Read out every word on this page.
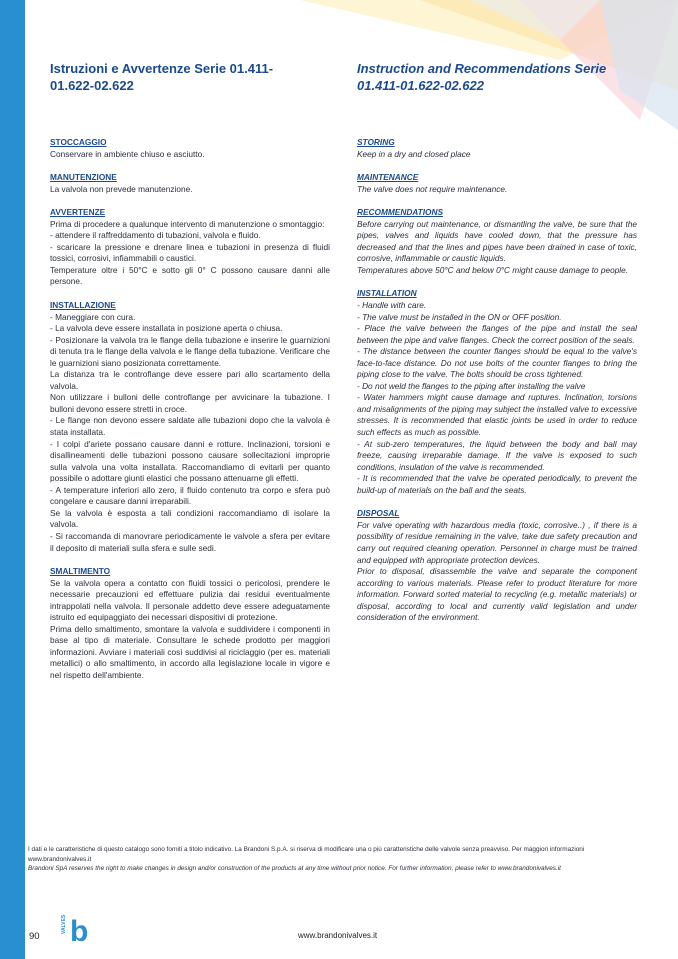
Istruzioni e Avvertenze Serie 01.411-01.622-02.622
Instruction and Recommendations Serie 01.411-01.622-02.622
STOCCAGGIO

Conservare in ambiente chiuso e asciutto.

MANUTENZIONE

La valvola non prevede manutenzione.

AVVERTENZE

Prima di procedere a qualunque intervento di manutenzione o smontaggio:

- attendere il raffreddamento di tubazioni, valvola e fluido.

- scaricare la pressione e drenare linea e tubazioni in presenza di fluidi tossici, corrosivi, infiammabili o caustici.

Temperature oltre i 50°C e sotto gli 0° C possono causare danni alle persone.

INSTALLAZIONE

- Maneggiare con cura.

- La valvola deve essere installata in posizione aperta o chiusa.

- Posizionare la valvola tra le flange della tubazione e inserire le guarnizioni di tenuta tra le flange della valvola e le flange della tubazione. Verificare che le guarnizioni siano posizionata correttamente.

La distanza tra le controflange deve essere pari allo scartamento della valvola.

Non utilizzare i bulloni delle controflange per avvicinare la tubazione. I bulloni devono essere stretti in croce.

- Le flange non devono essere saldate alle tubazioni dopo che la valvola è stata installata.

- I colpi d'ariete possano causare danni e rotture. Inclinazioni, torsioni e disallineamenti delle tubazioni possono causare sollecitazioni improprie sulla valvola una volta installata. Raccomandiamo di evitarli per quanto possibile o adottare giunti elastici che possano attenuarne gli effetti.

- A temperature inferiori allo zero, il fluido contenuto tra corpo e sfera può congelare e causare danni irreparabili.

Se la valvola è esposta a tali condizioni raccomandiamo di isolare la valvola.

- Si raccomanda di manovrare periodicamente le valvole a sfera per evitare il deposito di materiali sulla sfera e sulle sedi.

SMALTIMENTO

Se la valvola opera a contatto con fluidi tossici o pericolosi, prendere le necessarie precauzioni ed effettuare pulizia dai residui eventualmente intrappolati nella valvola. Il personale addetto deve essere adeguatamente istruito ed equipaggiato dei necessari dispositivi di protezione.

Prima dello smaltimento, smontare la valvola e suddividere i componenti in base al tipo di materiale. Consultare le schede prodotto per maggiori informazioni. Avviare i materiali così suddivisi al riciclaggio (per es. materiali metallici) o allo smaltimento, in accordo alla legislazione locale in vigore e nel rispetto dell'ambiente.

STORING

Keep in a dry and closed place

MAINTENANCE

The valve does not require maintenance.

RECOMMENDATIONS

Before carrying out maintenance, or dismantling the valve, be sure that the pipes, valves and liquids have cooled down, that the pressure has decreased and that the lines and pipes have been drained in case of toxic, corrosive, inflammable or caustic liquids.

Temperatures above 50°C and below 0°C might cause damage to people.

INSTALLATION

- Handle with care.

- The valve must be installed in the ON or OFF position.

- Place the valve between the flanges of the pipe and install the seal between the pipe and valve flanges. Check the correct position of the seals.

- The distance between the counter flanges should be equal to the valve's face-to-face distance. Do not use bolts of the counter flanges to bring the piping close to the valve. The bolts should be cross tightened.

- Do not weld the flanges to the piping after installing the valve

- Water hammers might cause damage and ruptures. Inclination, torsions and misalignments of the piping may subject the installed valve to excessive stresses. It is recommended that elastic joints be used in order to reduce such effects as much as possible.

- At sub-zero temperatures, the liquid between the body and ball may freeze, causing irreparable damage. If the valve is exposed to such conditions, insulation of the valve is recommended.

- It is recommended that the valve be operated periodically, to prevent the build-up of materials on the ball and the seats.

DISPOSAL

For valve operating with hazardous media (toxic, corrosive..) , if there is a possibility of residue remaining in the valve, take due safety precaution and carry out required cleaning operation. Personnel in charge must be trained and equipped with appropriate protection devices.

Prior to disposal, disassemble the valve and separate the component according to various materials. Please refer to product literature for more information. Forward sorted material to recycling (e.g. metallic materials) or disposal, according to local and currently valid legislation and under consideration of the environment.

I dati e le caratteristiche di questo catalogo sono forniti a titolo indicativo. La Brandoni S.p.A. si riserva di modificare una o più caratteristiche delle valvole senza preavviso. Per maggiori informazioni www.brandonivalves.it

Brandoni SpA reserves the right to make changes in design and/or construction of the products at any time without prior notice. For further information, please refer to www.brandonivalves.it

90
VALVES b	www.brandonivalves.it
